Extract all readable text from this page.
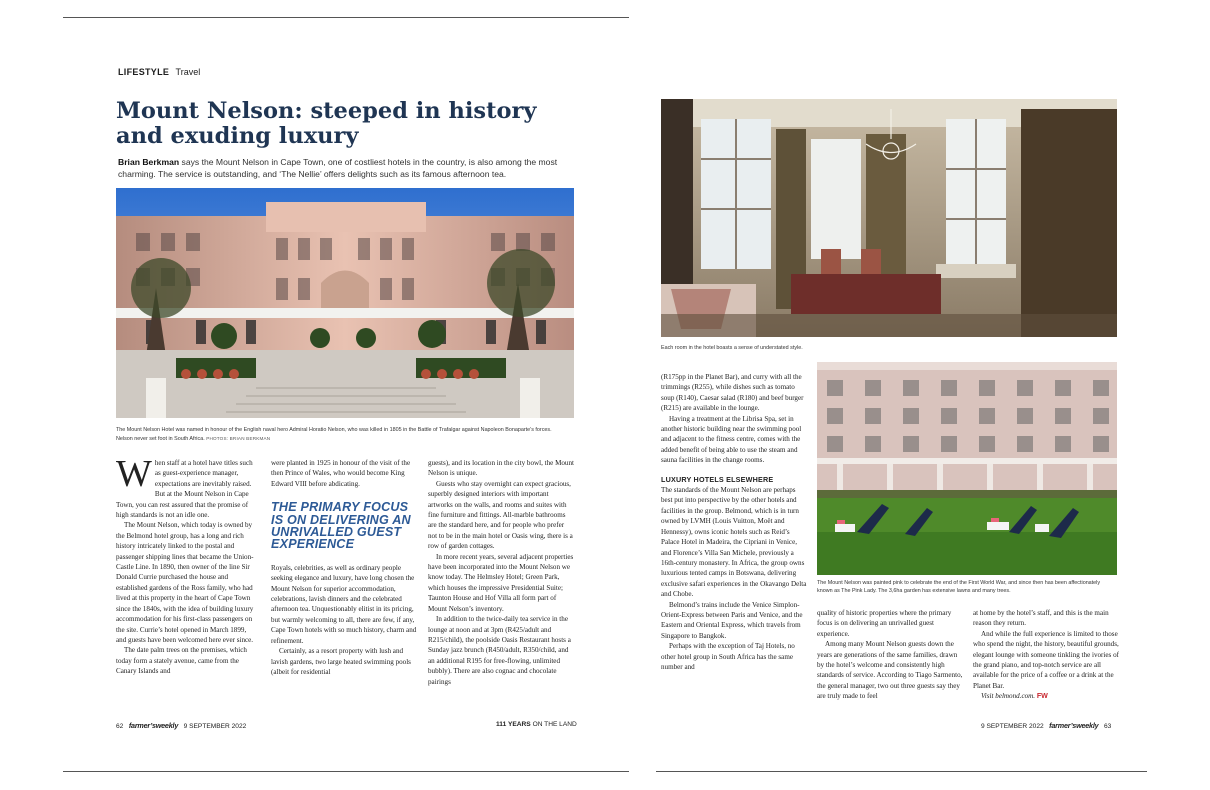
LIFESTYLE Travel
Mount Nelson: steeped in history
and exuding luxury
Brian Berkman says the Mount Nelson in Cape Town, one of costliest hotels in the country, is also among the most charming. The service is outstanding, and ‘The Nellie’ offers delights such as its famous afternoon tea.
The Mount Nelson Hotel was named in honour of the English naval hero Admiral Horatio Nelson, who was killed in 1805 in the Battle of Trafalgar against Napoleon Bonaparte’s forces. Nelson never set foot in South Africa. PHOTOS: BRIAN BERKMAN

When staff at a hotel have titles such as guest-experience manager, expectations are inevitably raised. But at the Mount Nelson in Cape Town, you can rest assured that the promise of high standards is not an idle one.

The Mount Nelson, which today is owned by the Belmond hotel group, has a long and rich history intricately linked to the postal and passenger shipping lines that became the Union-Castle Line. In 1890, then owner of the line Sir Donald Currie purchased the house and established gardens of the Ross family, who had lived at this property in the heart of Cape Town since the 1840s, with the idea of building luxury accommodation for his first-class passengers on the site. Currie’s hotel opened in March 1899, and guests have been welcomed here ever since.

The date palm trees on the premises, which today form a stately avenue, came from the Canary Islands and

were planted in 1925 in honour of the visit of the then Prince of Wales, who would become King Edward VIII before abdicating.

THE PRIMARY FOCUS IS ON DELIVERING AN UNRIVALLED GUEST EXPERIENCE

Royals, celebrities, as well as ordinary people seeking elegance and luxury, have long chosen the Mount Nelson for superior accommodation, celebrations, lavish dinners and the celebrated afternoon tea. Unquestionably elitist in its pricing, but warmly welcoming to all, there are few, if any, Cape Town hotels with so much history, charm and refinement.

Certainly, as a resort property with lush and lavish gardens, two large heated swimming pools (albeit for residential

guests), and its location in the city bowl, the Mount Nelson is unique.

Guests who stay overnight can expect gracious, superbly designed interiors with important artworks on the walls, and rooms and suites with fine furniture and fittings. All-marble bathrooms are the standard here, and for people who prefer not to be in the main hotel or Oasis wing, there is a row of garden cottages.

In more recent years, several adjacent properties have been incorporated into the Mount Nelson we know today. The Helmsley Hotel; Green Park, which houses the impressive Presidential Suite; Taunton House and Hof Villa all form part of Mount Nelson’s inventory.

In addition to the twice-daily tea service in the lounge at noon and at 3pm (R425/adult and R215/child), the poolside Oasis Restaurant hosts a Sunday jazz brunch (R450/adult, R350/child, and an additional R195 for free-flowing, unlimited bubbly). There are also cognac and chocolate pairings

62 farmer’sweekly 9 SEPTEMBER 2022	111 YEARS ON THE LAND
Each room in the hotel boasts a sense of understated style.

(R175pp in the Planet Bar), and curry with all the trimmings (R255), while dishes such as tomato soup (R140), Caesar salad (R180) and beef burger (R215) are available in the lounge.

Having a treatment at the Librisa Spa, set in another historic building near the swimming pool and adjacent to the fitness centre, comes with the added benefit of being able to use the steam and sauna facilities in the change rooms.

LUXURY HOTELS ELSEWHERE

The standards of the Mount Nelson are perhaps best put into perspective by the other hotels and facilities in the group. Belmond, which is in turn owned by LVMH (Louis Vuitton, Moët and Hennessy), owns iconic hotels such as Reid’s Palace Hotel in Madeira, the Cipriani in Venice, and Florence’s Villa San Michele, previously a 16th-century monastery. In Africa, the group owns luxurious tented camps in Botswana, delivering exclusive safari experiences in the Okavango Delta and Chobe.

Belmond’s trains include the Venice Simplon-Orient-Express between Paris and Venice, and the Eastern and Oriental Express, which travels from Singapore to Bangkok.

Perhaps with the exception of Taj Hotels, no other hotel group in South Africa has the same number and

The Mount Nelson was painted pink to celebrate the end of the First World War, and since then has been affectionately known as The Pink Lady. The 3,6ha garden has extensive lawns and many trees.

quality of historic properties where the primary focus is on delivering an unrivalled guest experience.

Among many Mount Nelson guests down the years are generations of the same families, drawn by the hotel’s welcome and consistently high standards of service. According to Tiago Sarmento, the general manager, two out three guests say they are truly made to feel

at home by the hotel’s staff, and this is the main reason they return.

And while the full experience is limited to those who spend the night, the history, beautiful grounds, elegant lounge with someone tinkling the ivories of the grand piano, and top-notch service are all available for the price of a coffee or a drink at the Planet Bar.

Visit belmond.com. FW

9 SEPTEMBER 2022 farmer’sweekly 63
